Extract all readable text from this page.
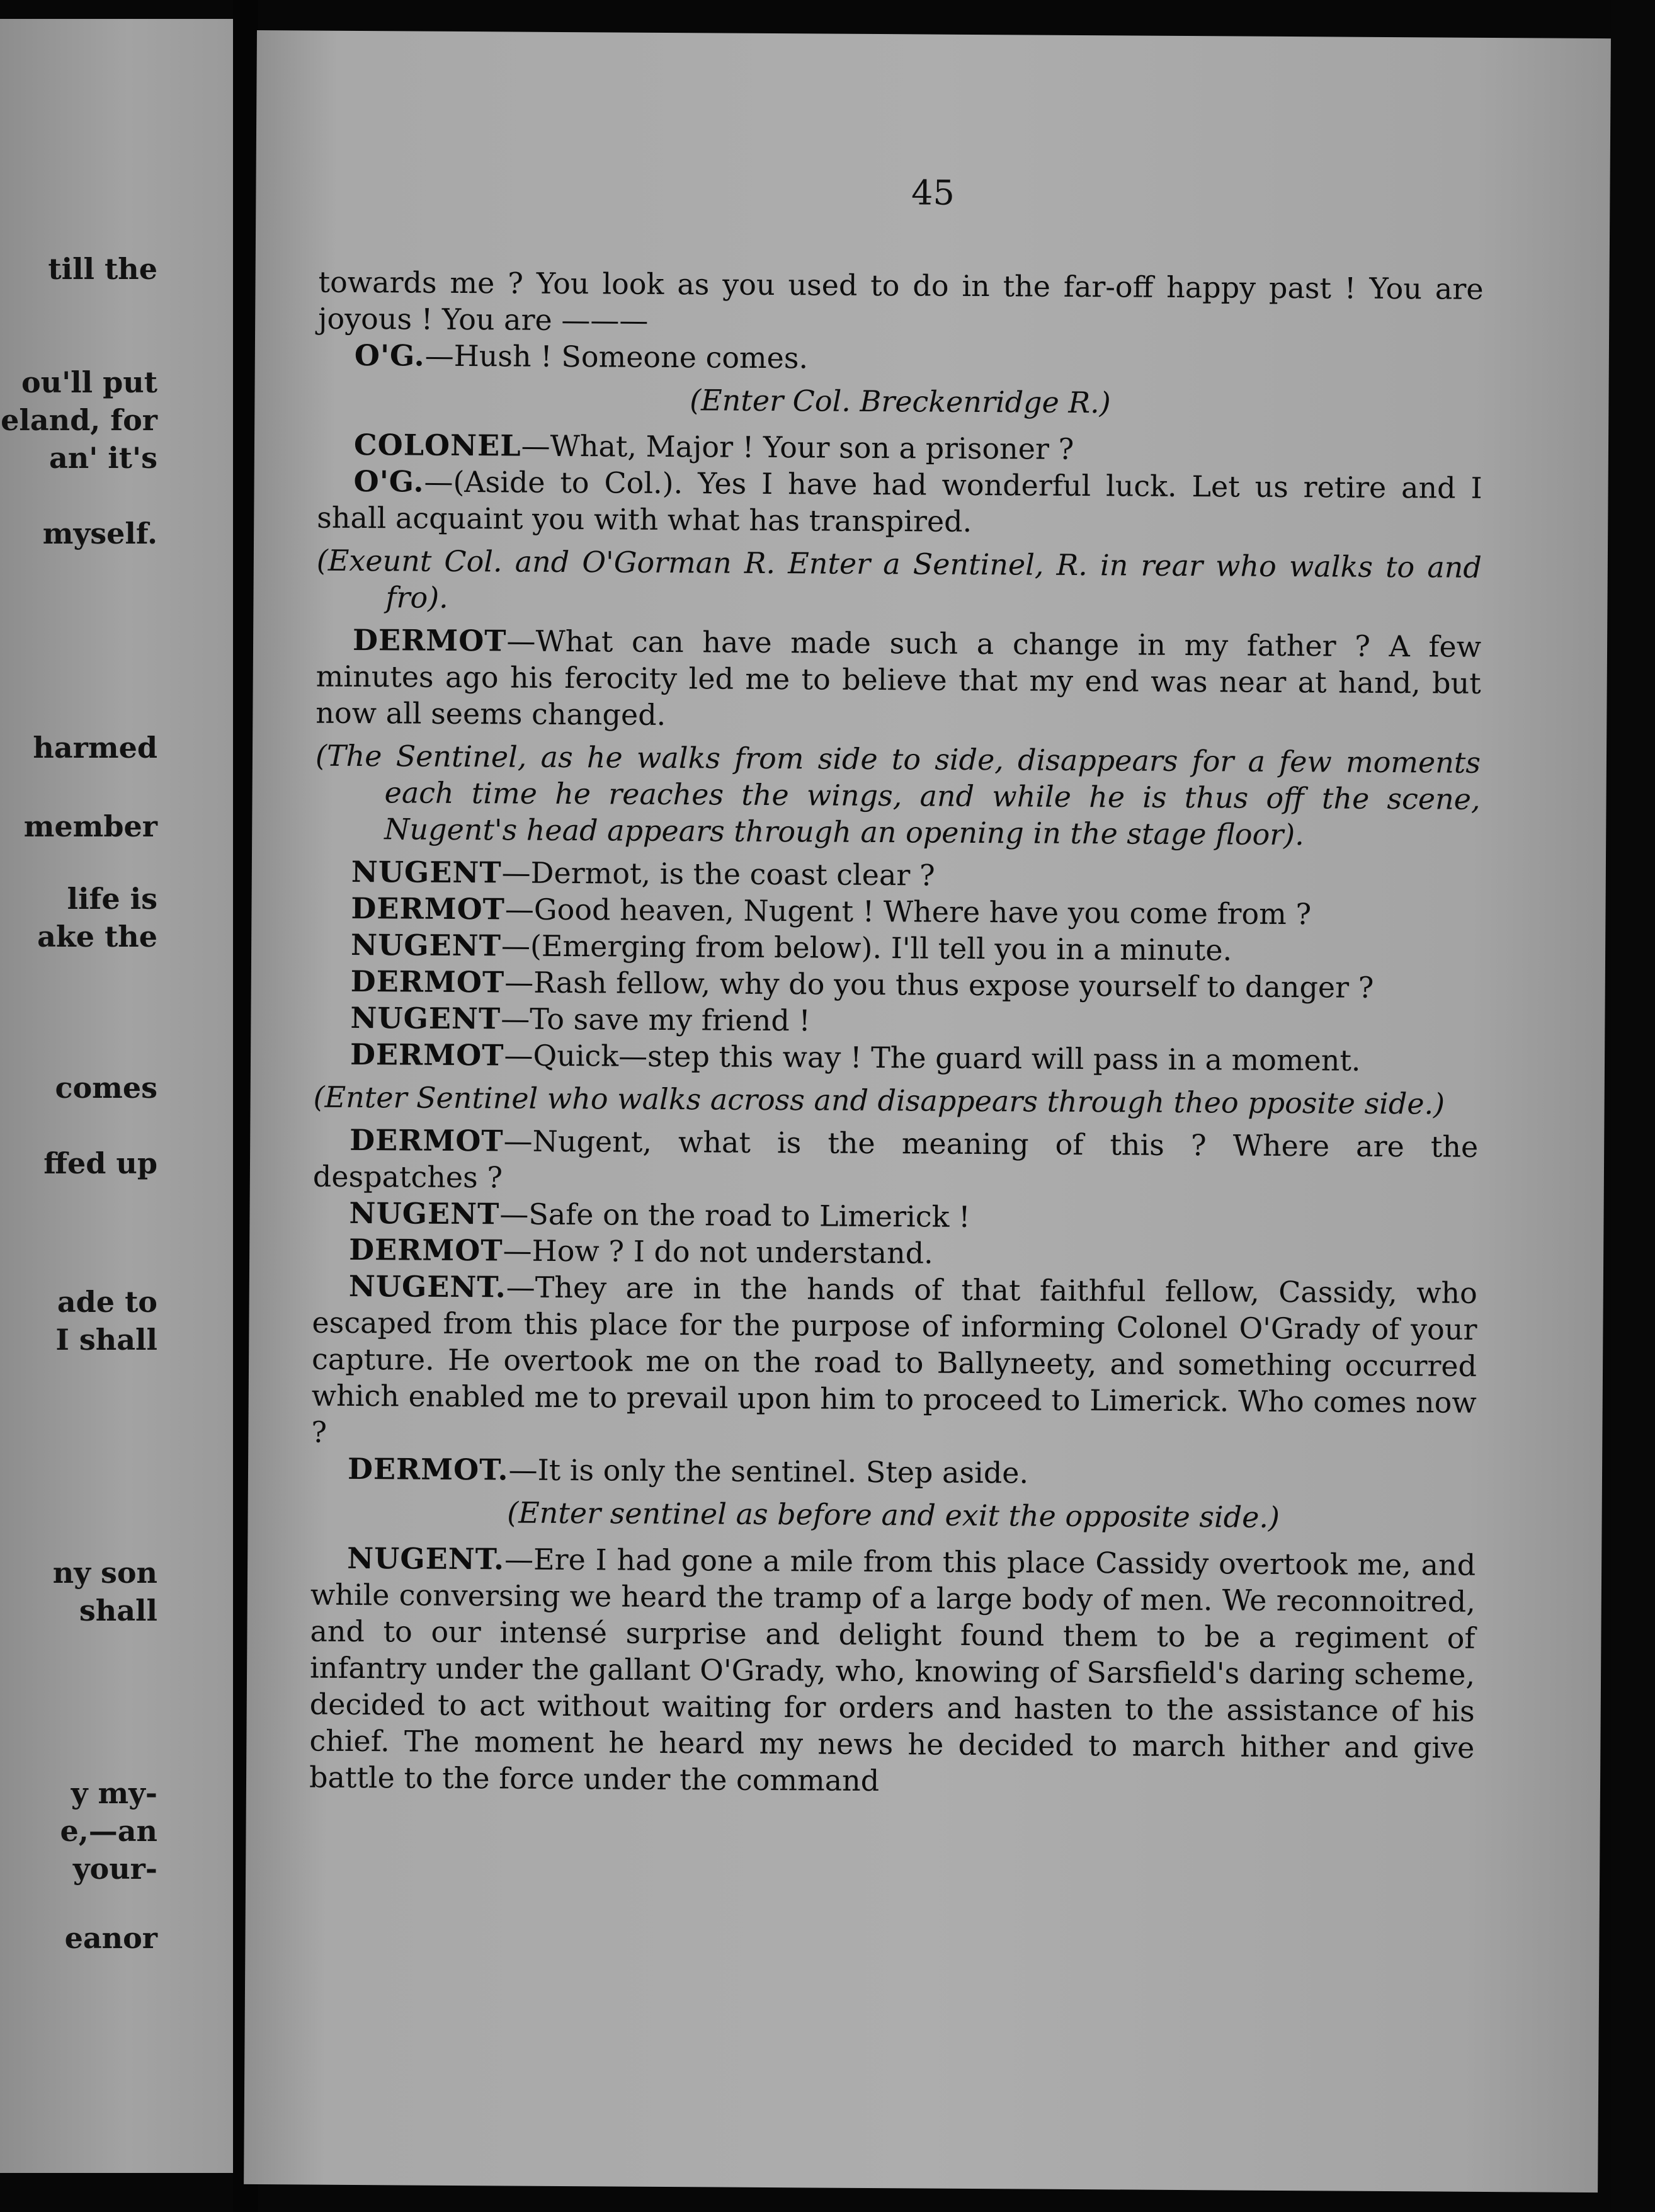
till the
ou'll put
eland, for
an' it's
myself.
harmed
member
life is
ake the
comes
ffed up
ade to
I shall
ny son
shall
y my-
e,—an
your-
eanor
45

towards me ? You look as you used to do in the far-off happy past ! You are joyous ! You are ———

O'G.—Hush ! Someone comes.

(Enter Col. Breckenridge R.)

COLONEL—What, Major ! Your son a prisoner ?

O'G.—(Aside to Col.). Yes I have had wonderful luck. Let us retire and I shall acquaint you with what has transpired.

(Exeunt Col. and O'Gorman R. Enter a Sentinel, R. in rear who walks to and fro).

DERMOT—What can have made such a change in my father ? A few minutes ago his ferocity led me to believe that my end was near at hand, but now all seems changed.

(The Sentinel, as he walks from side to side, disappears for a few moments each time he reaches the wings, and while he is thus off the scene, Nugent's head appears through an opening in the stage floor).

NUGENT—Dermot, is the coast clear ?

DERMOT—Good heaven, Nugent ! Where have you come from ?

NUGENT—(Emerging from below). I'll tell you in a minute.

DERMOT—Rash fellow, why do you thus expose yourself to danger ?

NUGENT—To save my friend !

DERMOT—Quick—step this way ! The guard will pass in a moment.

(Enter Sentinel who walks across and disappears through theo pposite side.)

DERMOT—Nugent, what is the meaning of this ? Where are the despatches ?

NUGENT—Safe on the road to Limerick !

DERMOT—How ? I do not understand.

NUGENT.—They are in the hands of that faithful fellow, Cassidy, who escaped from this place for the purpose of informing Colonel O'Grady of your capture. He overtook me on the road to Ballyneety, and something occurred which enabled me to prevail upon him to proceed to Limerick. Who comes now ?

DERMOT.—It is only the sentinel. Step aside.

(Enter sentinel as before and exit the opposite side.)

NUGENT.—Ere I had gone a mile from this place Cassidy overtook me, and while conversing we heard the tramp of a large body of men. We reconnoitred, and to our intensé surprise and delight found them to be a regiment of infantry under the gallant O'Grady, who, knowing of Sarsfield's daring scheme, decided to act without waiting for orders and hasten to the assistance of his chief. The moment he heard my news he decided to march hither and give battle to the force under the command
